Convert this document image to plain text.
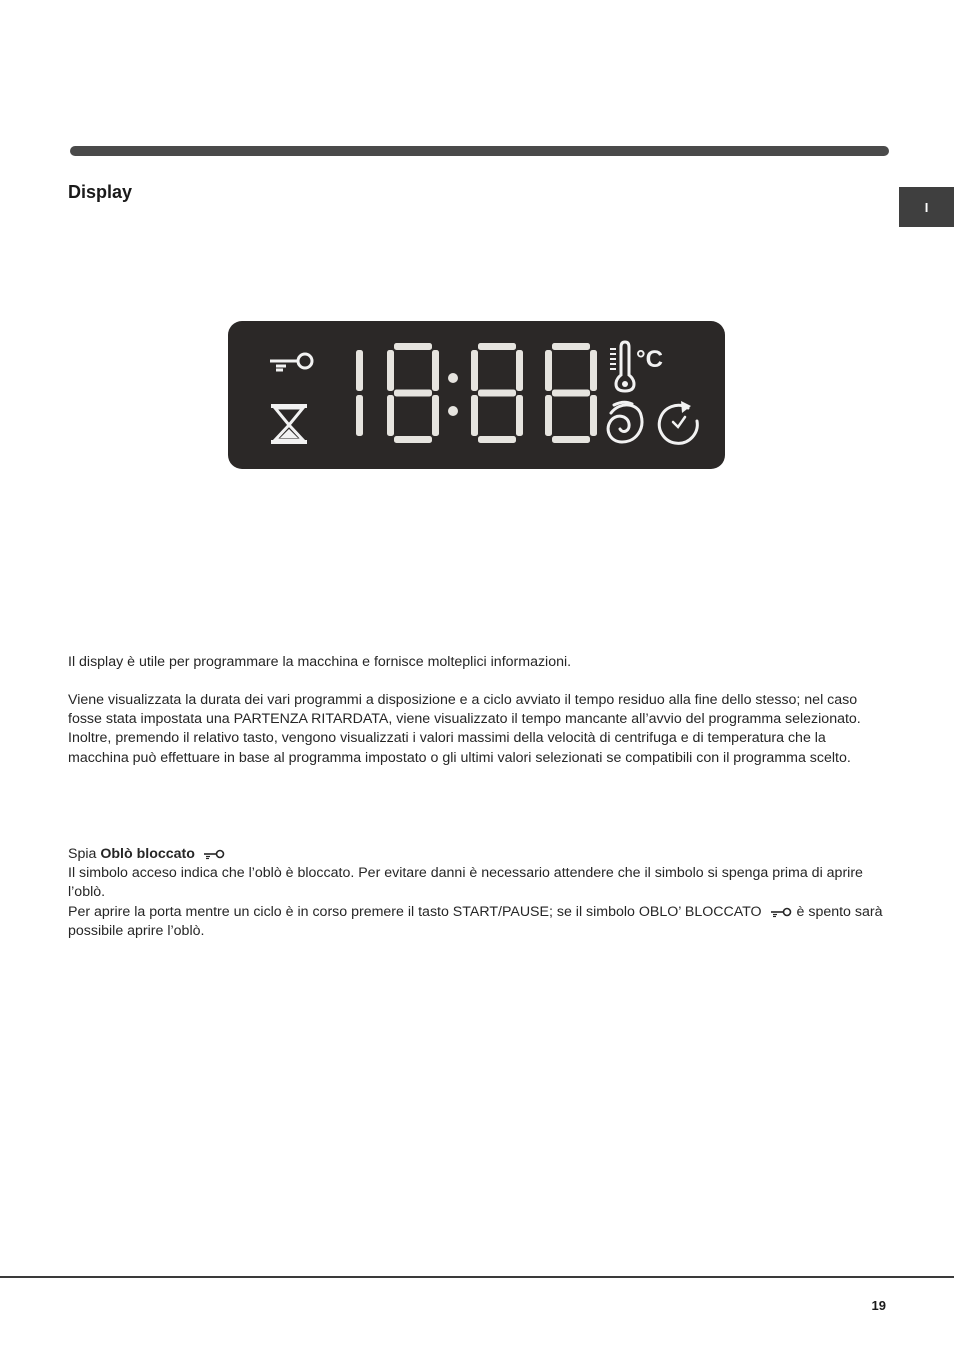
Display
I
°C

Il display è utile per programmare la macchina e fornisce molteplici informazioni.

Viene visualizzata la durata dei vari programmi a disposizione e a ciclo avviato il tempo residuo alla fine dello stesso; nel caso fosse stata impostata una PARTENZA RITARDATA, viene visualizzato il tempo mancante all’avvio del programma selezionato. Inoltre, premendo il relativo tasto, vengono visualizzati i valori massimi della velocità di centrifuga e di temperatura che la macchina può effettuare in base al programma impostato o gli ultimi valori selezionati se compatibili con il programma scelto.

Spia Oblò bloccato
Il simbolo acceso indica che l’oblò è bloccato. Per evitare danni è necessario attendere che il simbolo si spenga prima di aprire l’oblò.
Per aprire la porta mentre un ciclo è in corso premere il tasto START/PAUSE; se il simbolo OBLO’ BLOCCATO è spento sarà possibile aprire l’oblò.
19
